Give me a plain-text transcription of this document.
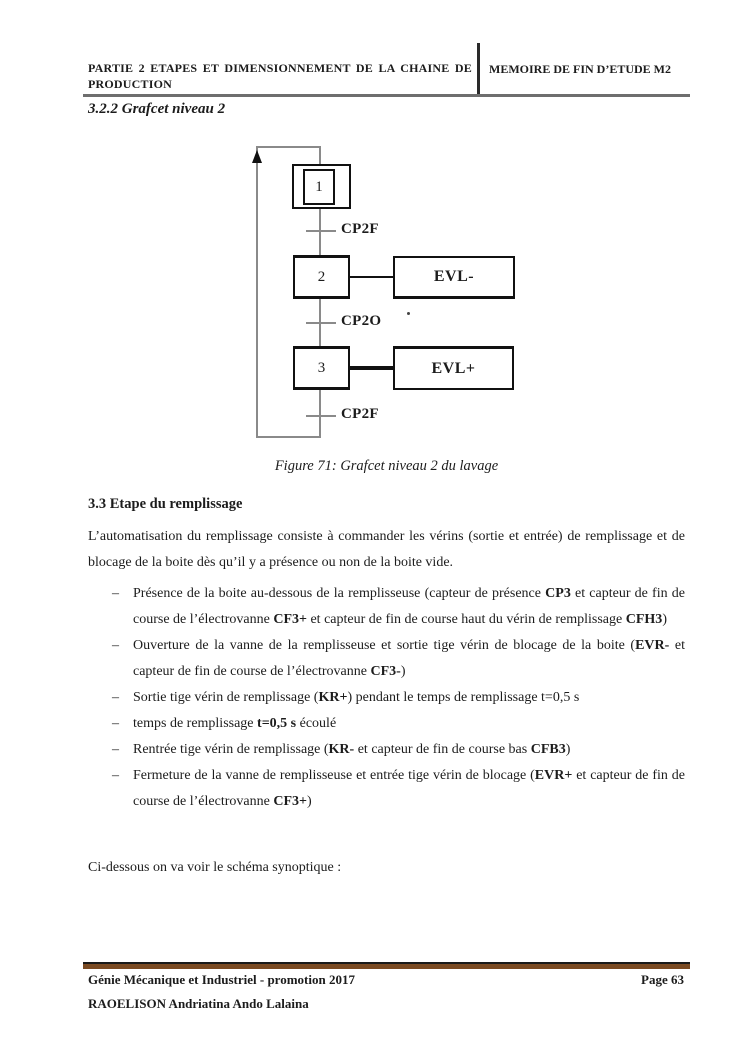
PARTIE 2 ETAPES ET DIMENSIONNEMENT DE LA CHAINE DE PRODUCTION
MEMOIRE DE FIN D’ETUDE M2
3.2.2 Grafcet niveau 2
1
CP2F
2	EVL-
CP2O
3	EVL+
CP2F
Figure 71: Grafcet niveau 2 du lavage
3.3 Etape du remplissage

L’automatisation du remplissage consiste à commander les vérins (sortie et entrée) de remplissage et de blocage de la boite dès qu’il y a présence ou non de la boite vide.

–	Présence de la boite au-dessous de la remplisseuse (capteur de présence CP3 et capteur de fin de course de l’électrovanne CF3+ et capteur de fin de course haut du vérin de remplissage CFH3)

–	Ouverture de la vanne de la remplisseuse et sortie tige vérin de blocage de la boite (EVR- et capteur de fin de course de l’électrovanne CF3-)

–	Sortie tige vérin de remplissage (KR+) pendant le temps de remplissage t=0,5 s

–	temps de remplissage t=0,5 s écoulé

–	Rentrée tige vérin de remplissage (KR- et capteur de fin de course bas CFB3)

–	Fermeture de la vanne de remplisseuse et entrée tige vérin de blocage (EVR+ et capteur de fin de course de l’électrovanne CF3+)

Ci-dessous on va voir le schéma synoptique :

Génie Mécanique et Industriel - promotion 2017	Page 63
RAOELISON Andriatina Ando Lalaina
